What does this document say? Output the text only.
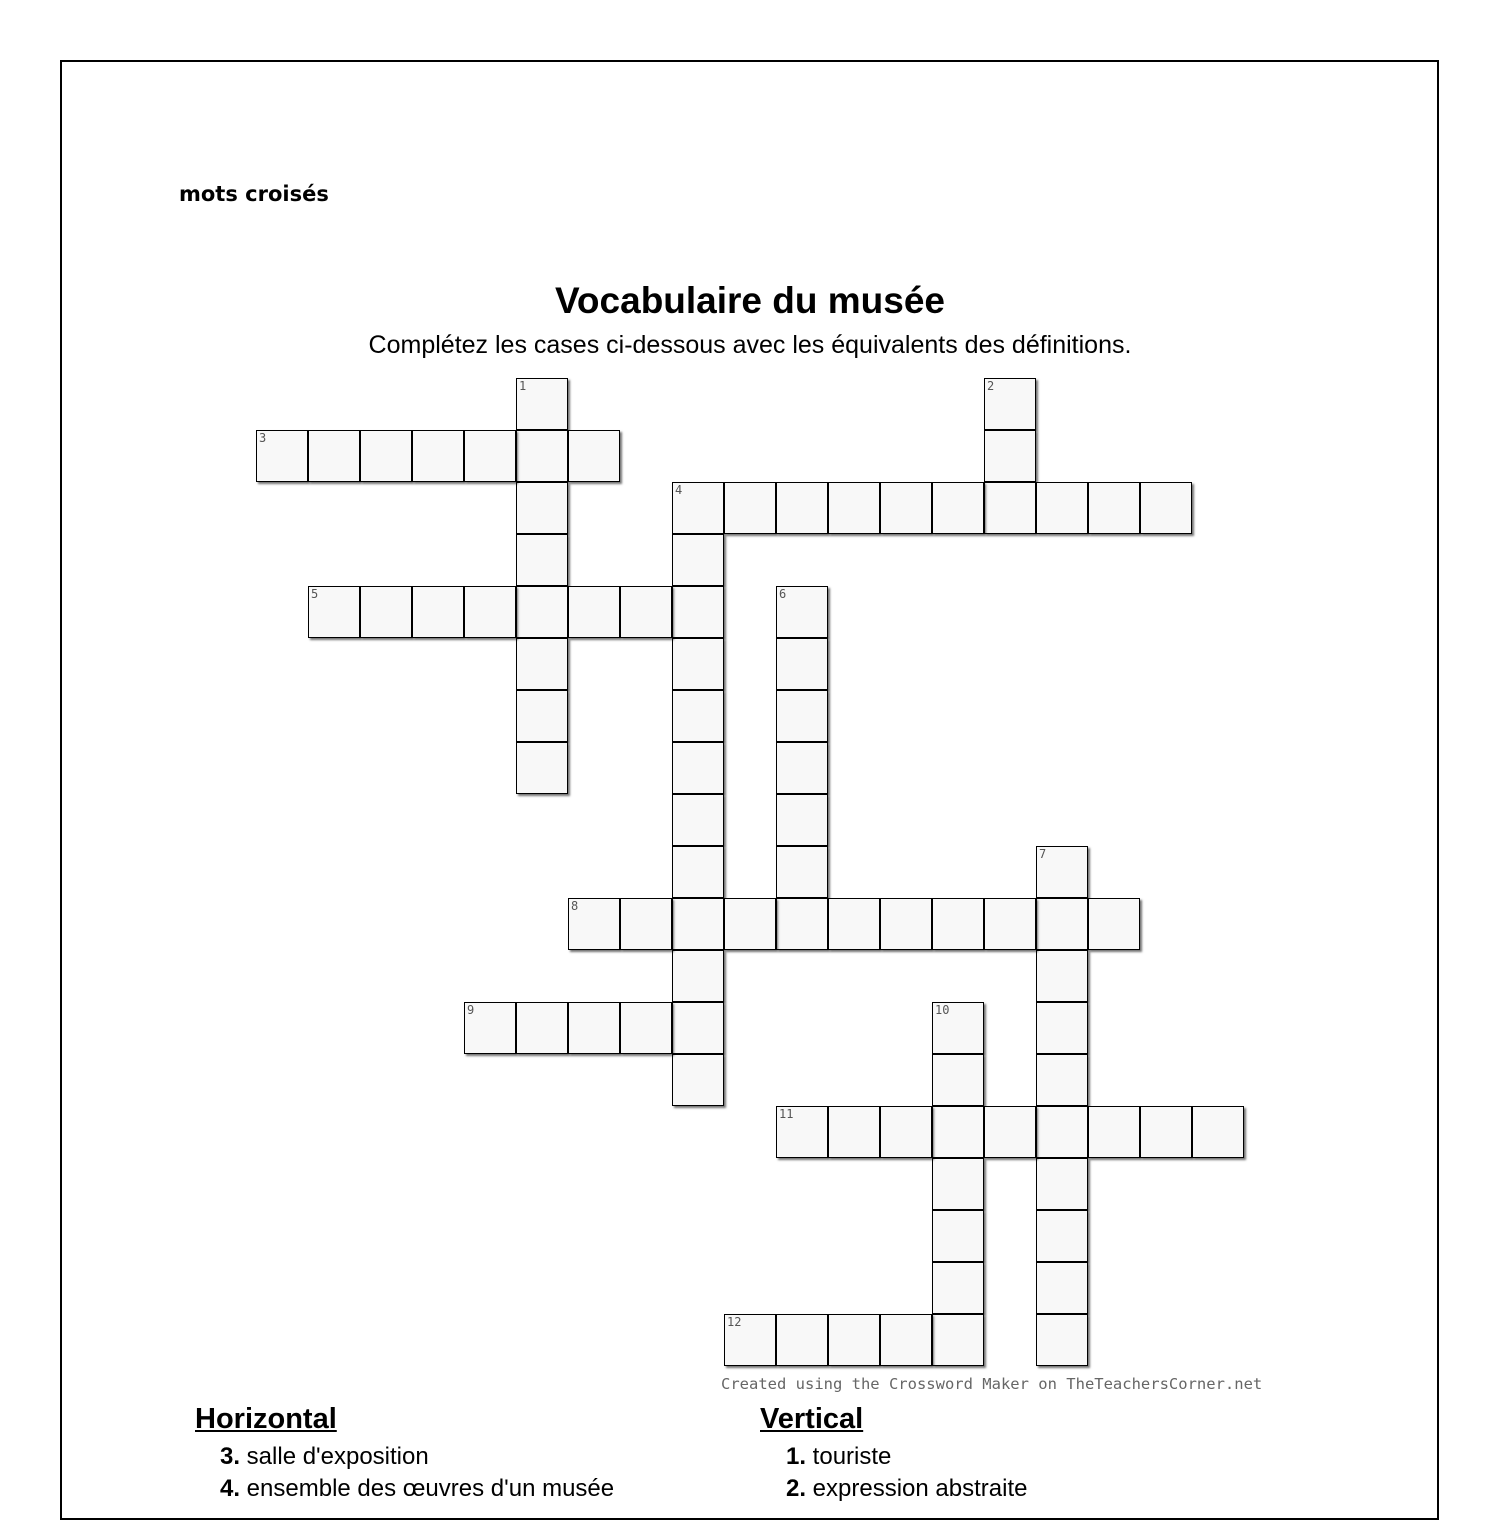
mots croisés
Vocabulaire du musée
Complétez les cases ci-dessous avec les équivalents des définitions.
1	2
3
4
5	6
7
8
9	10
11
12
Created using the Crossword Maker on TheTeachersCorner.net
Horizontal
3. salle d'exposition
4. ensemble des œuvres d'un musée
Vertical
1. touriste
2. expression abstraite
